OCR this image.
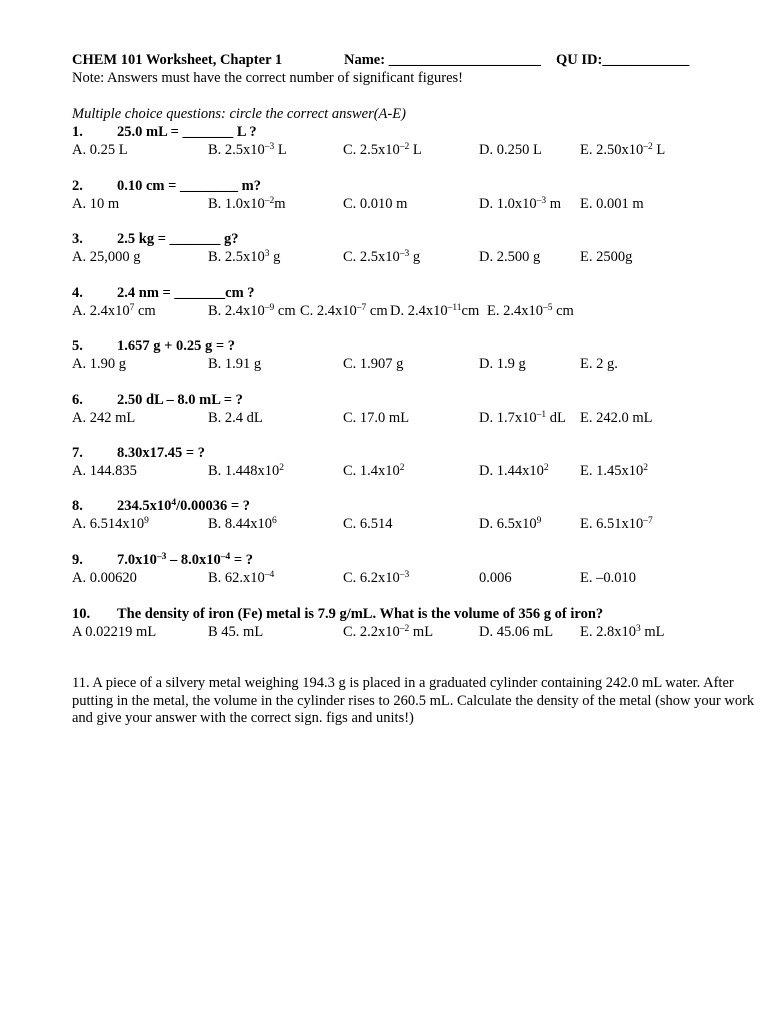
CHEM 101 Worksheet, Chapter 1	Name: _____________________ QU ID:____________
Note: Answers must have the correct number of significant figures!
Multiple choice questions: circle the correct answer(A-E)
1. 25.0 mL = _______ L ?
A. 0.25 L	B. $2.5x10^{-3}$ L	C. $2.5x10^{-2}$ L	D. 0.250 L	E. $2.50x10^{-2}$ L
2. 0.10 cm = ________ m?
A. 10 m	B. $1.0x10^{-2}m$	C. 0.010 m	D. $1.0x10^{-3}$ m E. 0.001 m
3. 2.5 kg = _______ g?
A. 25,000 g	B. $2.5x10^3$ g	C. $2.5x10^{-3}$ g	D. 2.500 g	E. 2500g
4. 2.4 nm = _______cm ?
A. $2.4x10^7$ cm	B. $2.4x10^{-9}$ cm C. $2.4x10^{-7}$ cm D. $2.4x10^{-11}cm$ E. $2.4x10^{-5}$ cm
5. 1.657 g + 0.25 g = ?
A. 1.90 g	B. 1.91 g	C. 1.907 g	D. 1.9 g	E. 2 g.
6. 2.50 dL – 8.0 mL = ?
A. 242 mL	B. 2.4 dL	C. 17.0 mL	D. $1.7x10^{-1}$ dL E. 242.0 mL
7. 8.30x17.45 = ?
A. 144.835	B. $1.448x10^2$	C. $1.4x10^2$	D. $1.44x10^2$ E. $1.45x10^2$
8. $234.5x10^4/0.00036$ = ?
A. $6.514x10^9$	B. $8.44x10^6$	C. 6.514	D. $6.5x10^9$	E. $6.51x10^{-7}$
9. $7.0x10^{-3} - 8.0x10^{-4}$ = ?
A. 0.00620	B. $62.x10^{-4}$	C. $6.2x10^{-3}$	0.006	E. –0.010
10. The density of iron (Fe) metal is 7.9 g/mL. What is the volume of 356 g of iron?
A 0.02219 mL	B 45. mL	C. $2.2x10^{-2}$ mL	D. 45.06 mL E. $2.8x10^3$ mL
11. A piece of a silvery metal weighing 194.3 g is placed in a graduated cylinder containing 242.0 mL water. After putting in the metal, the volume in the cylinder rises to 260.5 mL. Calculate the density of the metal (show your work and give your answer with the correct sign. figs and units!)
